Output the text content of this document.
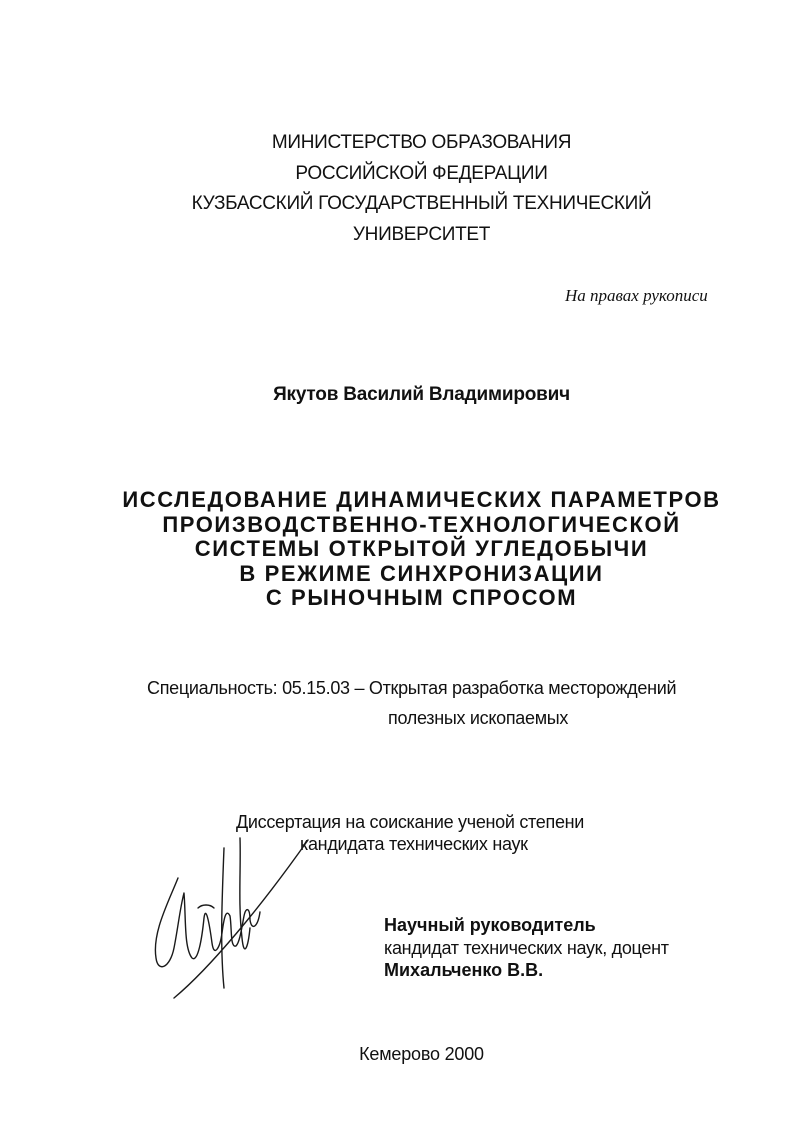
МИНИСТЕРСТВО ОБРАЗОВАНИЯ
РОССИЙСКОЙ ФЕДЕРАЦИИ
КУЗБАССКИЙ ГОСУДАРСТВЕННЫЙ ТЕХНИЧЕСКИЙ
УНИВЕРСИТЕТ
На правах рукописи
Якутов Василий Владимирович
ИССЛЕДОВАНИЕ ДИНАМИЧЕСКИХ ПАРАМЕТРОВ
ПРОИЗВОДСТВЕННО-ТЕХНОЛОГИЧЕСКОЙ
СИСТЕМЫ ОТКРЫТОЙ УГЛЕДОБЫЧИ
В РЕЖИМЕ СИНХРОНИЗАЦИИ
С РЫНОЧНЫМ СПРОСОМ
Специальность: 05.15.03 – Открытая разработка месторождений
полезных ископаемых
Диссертация на соискание ученой степени
кандидата технических наук
Научный руководитель
кандидат технических наук, доцент
Михальченко В.В.
Кемерово 2000
